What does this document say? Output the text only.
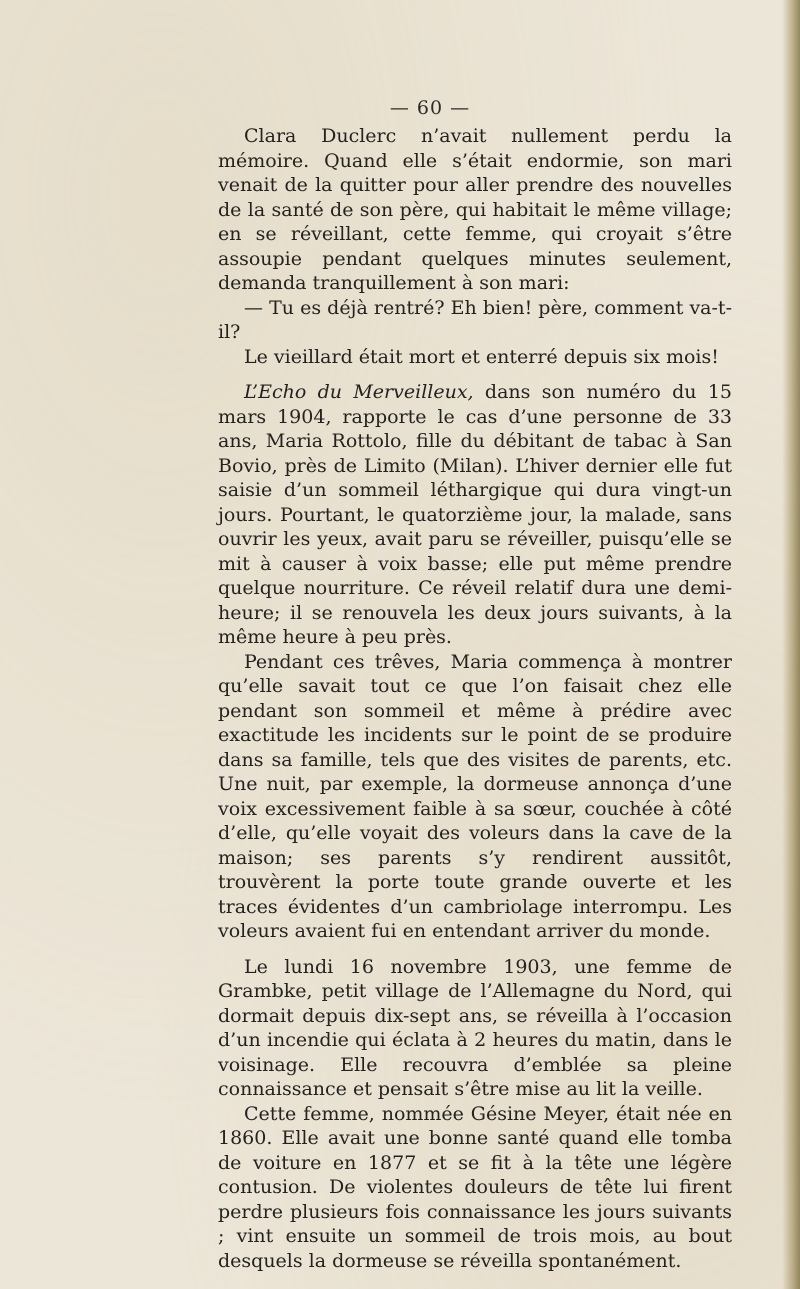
— 60 —

Clara Duclerc n’avait nullement perdu la mémoire. Quand elle s’était endormie, son mari venait de la quitter pour aller prendre des nouvelles de la santé de son père, qui habitait le même village; en se réveillant, cette femme, qui croyait s’être assoupie pendant quelques minutes seulement, demanda tranquillement à son mari:

— Tu es déjà rentré? Eh bien! père, comment va-t-il?

Le vieillard était mort et enterré depuis six mois!

L’Echo du Merveilleux, dans son numéro du 15 mars 1904, rapporte le cas d’une personne de 33 ans, Maria Rottolo, fille du débitant de tabac à San Bovio, près de Limito (Milan). L’hiver dernier elle fut saisie d’un sommeil léthargique qui dura vingt-un jours. Pourtant, le quatorzième jour, la malade, sans ouvrir les yeux, avait paru se réveiller, puisqu’elle se mit à causer à voix basse; elle put même prendre quelque nourriture. Ce réveil relatif dura une demi-heure; il se renouvela les deux jours suivants, à la même heure à peu près.

Pendant ces trêves, Maria commença à montrer qu’elle savait tout ce que l’on faisait chez elle pendant son sommeil et même à prédire avec exactitude les incidents sur le point de se produire dans sa famille, tels que des visites de parents, etc. Une nuit, par exemple, la dormeuse annonça d’une voix excessivement faible à sa sœur, couchée à côté d’elle, qu’elle voyait des voleurs dans la cave de la maison; ses parents s’y rendirent aussitôt, trouvèrent la porte toute grande ouverte et les traces évidentes d’un cambriolage interrompu. Les voleurs avaient fui en entendant arriver du monde.

Le lundi 16 novembre 1903, une femme de Grambke, petit village de l’Allemagne du Nord, qui dormait depuis dix-sept ans, se réveilla à l’occasion d’un incendie qui éclata à 2 heures du matin, dans le voisinage. Elle recouvra d’emblée sa pleine connaissance et pensait s’être mise au lit la veille.

Cette femme, nommée Gésine Meyer, était née en 1860. Elle avait une bonne santé quand elle tomba de voiture en 1877 et se fit à la tête une légère contusion. De violentes douleurs de tête lui firent perdre plusieurs fois connaissance les jours suivants ; vint ensuite un sommeil de trois mois, au bout desquels la dormeuse se réveilla spontanément.
